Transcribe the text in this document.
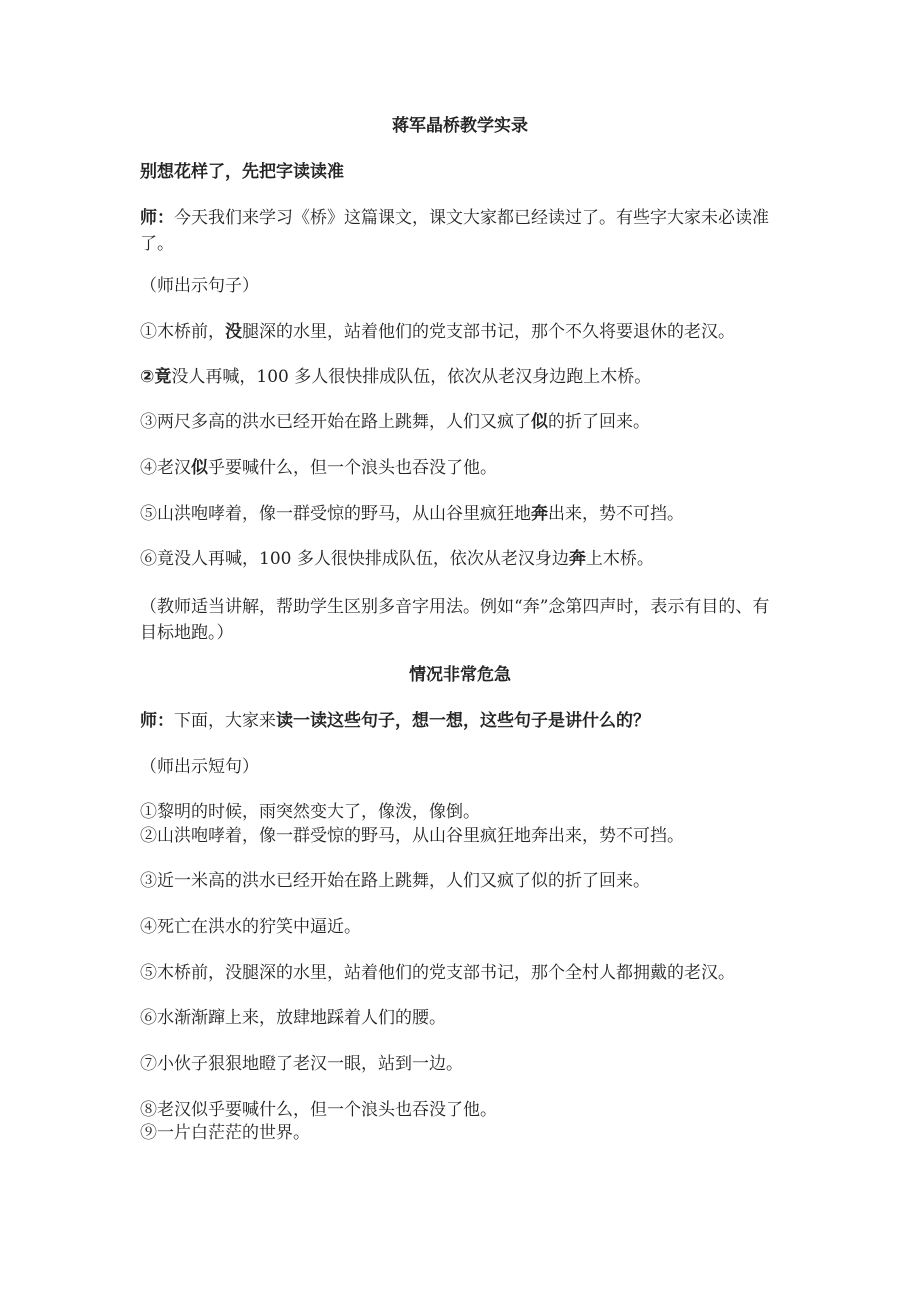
蒋军晶桥教学实录
别想花样了，先把字读读准
师：今天我们来学习《桥》这篇课文，课文大家都已经读过了。有些字大家未必读准了。
（师出示句子）
①木桥前，没腿深的水里，站着他们的党支部书记，那个不久将要退休的老汉。
②竟没人再喊，100 多人很快排成队伍，依次从老汉身边跑上木桥。
③两尺多高的洪水已经开始在路上跳舞，人们又疯了似的折了回来。
④老汉似乎要喊什么，但一个浪头也吞没了他。
⑤山洪咆哮着，像一群受惊的野马，从山谷里疯狂地奔出来，势不可挡。
⑥竟没人再喊，100 多人很快排成队伍，依次从老汉身边奔上木桥。
（教师适当讲解，帮助学生区别多音字用法。例如“奔”念第四声时，表示有目的、有目标地跑。）
情况非常危急
师：下面，大家来读一读这些句子，想一想，这些句子是讲什么的？
（师出示短句）
①黎明的时候，雨突然变大了，像泼，像倒。
②山洪咆哮着，像一群受惊的野马，从山谷里疯狂地奔出来，势不可挡。
③近一米高的洪水已经开始在路上跳舞，人们又疯了似的折了回来。
④死亡在洪水的狞笑中逼近。
⑤木桥前，没腿深的水里，站着他们的党支部书记，那个全村人都拥戴的老汉。
⑥水渐渐蹿上来，放肆地踩着人们的腰。
⑦小伙子狠狠地瞪了老汉一眼，站到一边。
⑧老汉似乎要喊什么，但一个浪头也吞没了他。
⑨一片白茫茫的世界。
